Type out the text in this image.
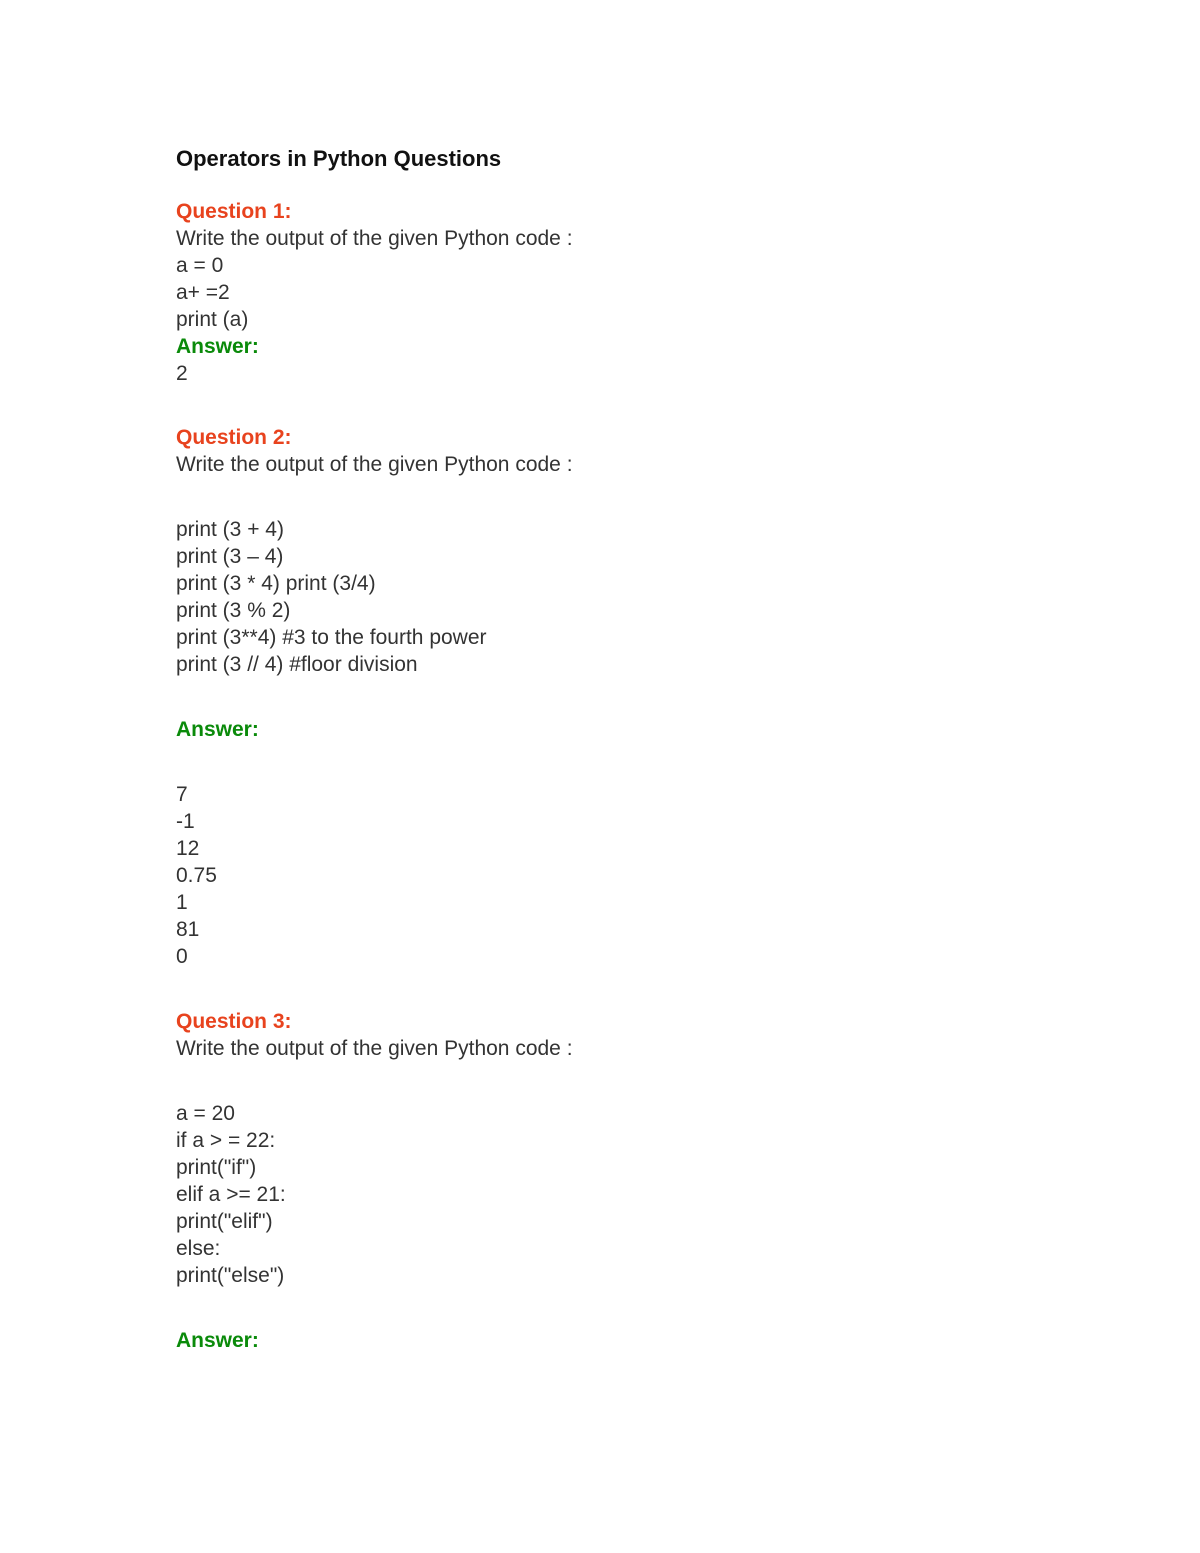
Operators in Python Questions
Question 1:
Write the output of the given Python code :
a = 0
a+ =2
print (a)
Answer:
2
Question 2:
Write the output of the given Python code :
print (3 + 4)
print (3 – 4)
print (3 * 4) print (3/4)
print (3 % 2)
print (3**4) #3 to the fourth power
print (3 // 4) #floor division
Answer:
7
-1
12
0.75
1
81
0
Question 3:
Write the output of the given Python code :
a = 20
if a > = 22:
print("if")
elif a >= 21:
print("elif")
else:
print("else")
Answer:
